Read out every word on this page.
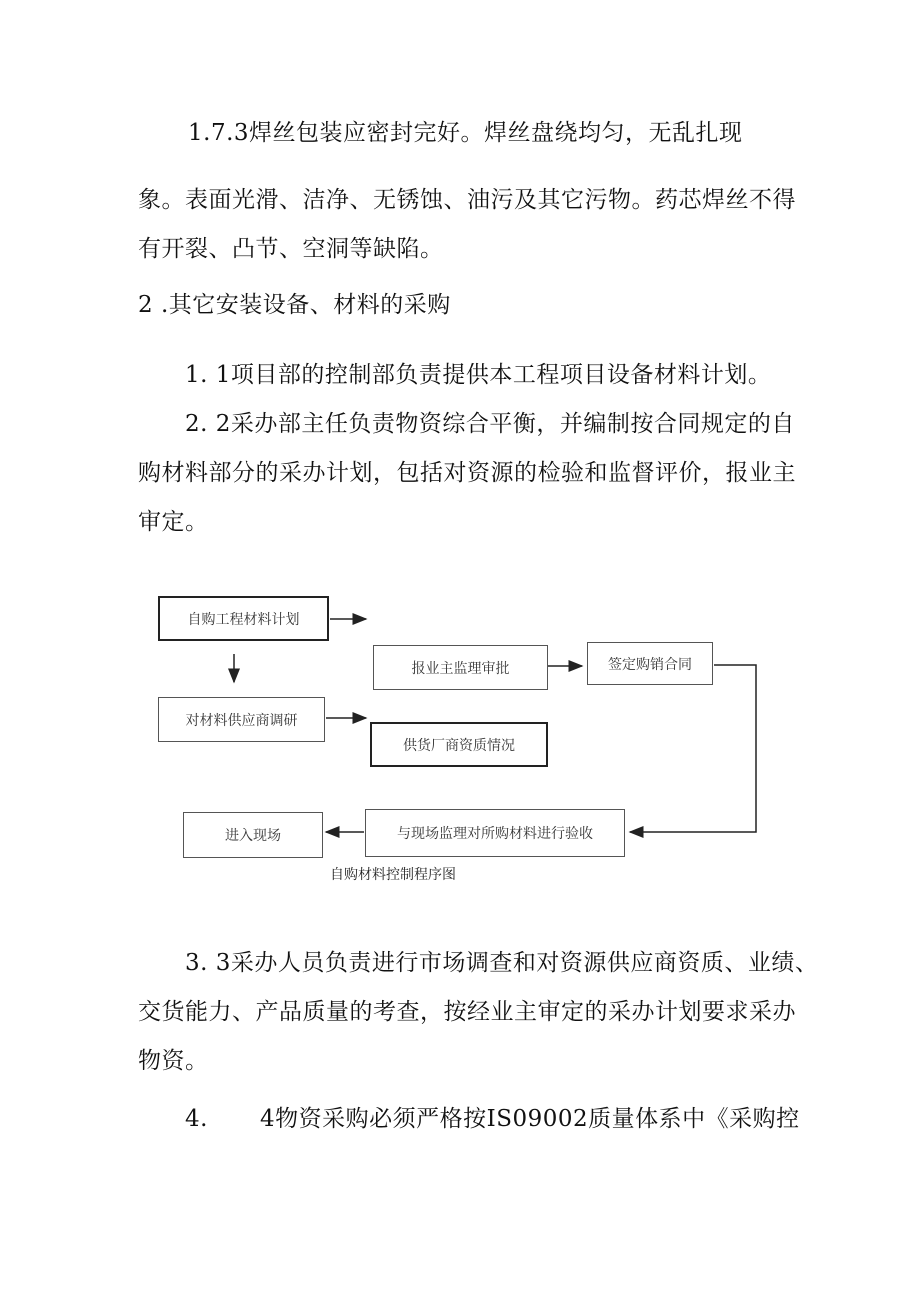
1.7.3焊丝包装应密封完好。焊丝盘绕均匀，无乱扎现
象。表面光滑、洁净、无锈蚀、油污及其它污物。药芯焊丝不得
有开裂、凸节、空洞等缺陷。
2 .其它安装设备、材料的采购
1. 1项目部的控制部负责提供本工程项目设备材料计划。
2. 2采办部主任负责物资综合平衡，并编制按合同规定的自
购材料部分的采办计划，包括对资源的检验和监督评价，报业主
审定。
自购工程材料计划
报业主监理审批	签定购销合同
对材料供应商调研
供货厂商资质情况
与现场监理对所购材料进行验收
进入现场
自购材料控制程序图
3. 3采办人员负责进行市场调查和对资源供应商资质、业绩、
交货能力、产品质量的考查，按经业主审定的采办计划要求采办
物资。
4. 4物资采购必须严格按IS09002质量体系中《采购控
